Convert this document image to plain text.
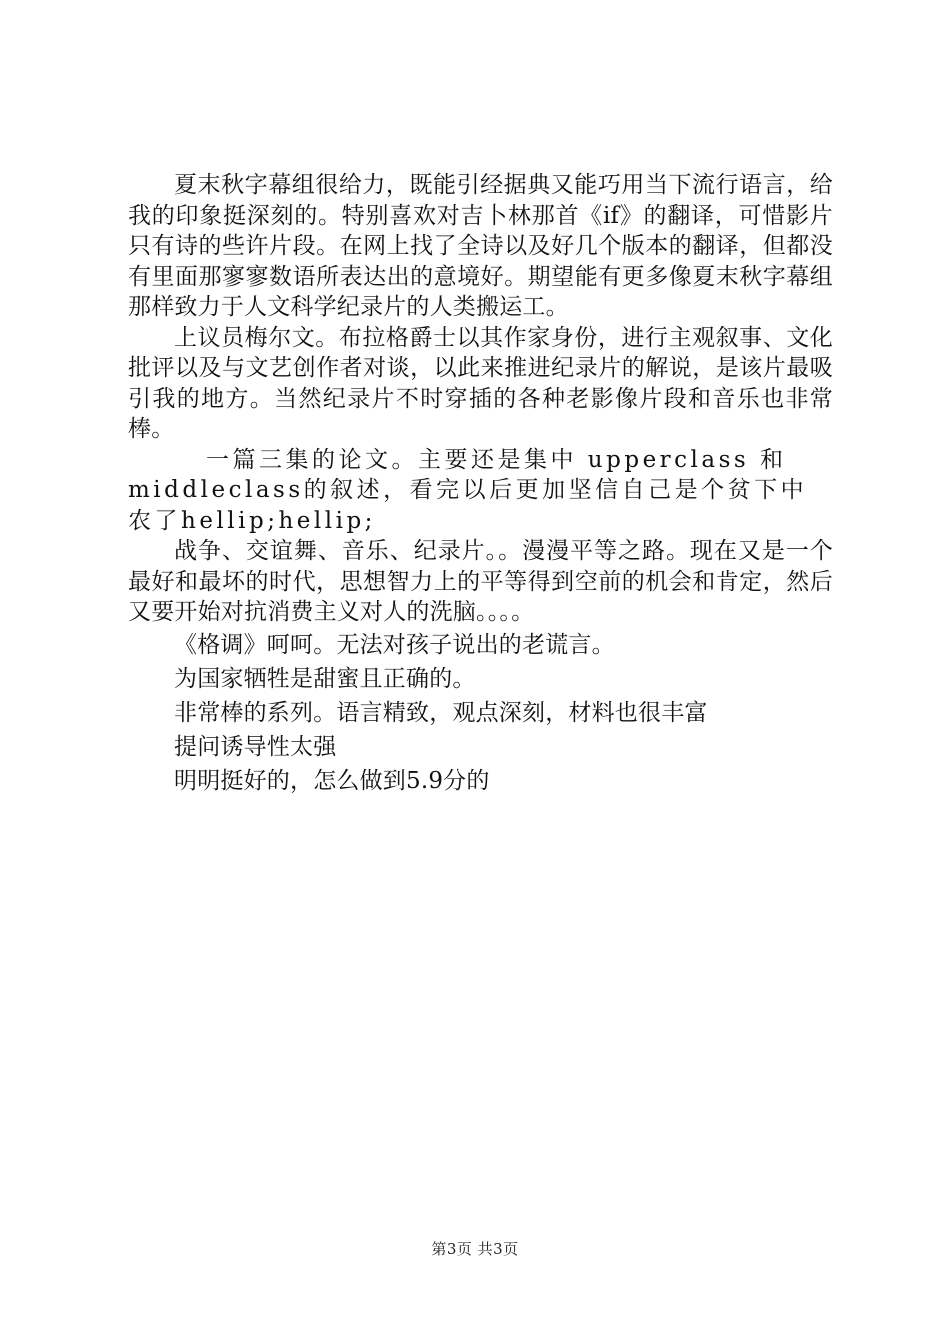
夏末秋字幕组很给力，既能引经据典又能巧用当下流行语言，给我的印象挺深刻的。特别喜欢对吉卜林那首《if》的翻译，可惜影片只有诗的些许片段。在网上找了全诗以及好几个版本的翻译，但都没有里面那寥寥数语所表达出的意境好。期望能有更多像夏末秋字幕组那样致力于人文科学纪录片的人类搬运工。

上议员梅尔文。布拉格爵士以其作家身份，进行主观叙事、文化批评以及与文艺创作者对谈，以此来推进纪录片的解说，是该片最吸引我的地方。当然纪录片不时穿插的各种老影像片段和音乐也非常棒。

一篇三集的论文。主要还是集中 upperclass 和 middleclass的叙述，看完以后更加坚信自己是个贫下中农了hellip;hellip;

战争、交谊舞、音乐、纪录片。。漫漫平等之路。现在又是一个最好和最坏的时代，思想智力上的平等得到空前的机会和肯定，然后又要开始对抗消费主义对人的洗脑。。。。

《格调》呵呵。无法对孩子说出的老谎言。

为国家牺牲是甜蜜且正确的。

非常棒的系列。语言精致，观点深刻，材料也很丰富

提问诱导性太强

明明挺好的，怎么做到5.9分的

第3页 共3页
